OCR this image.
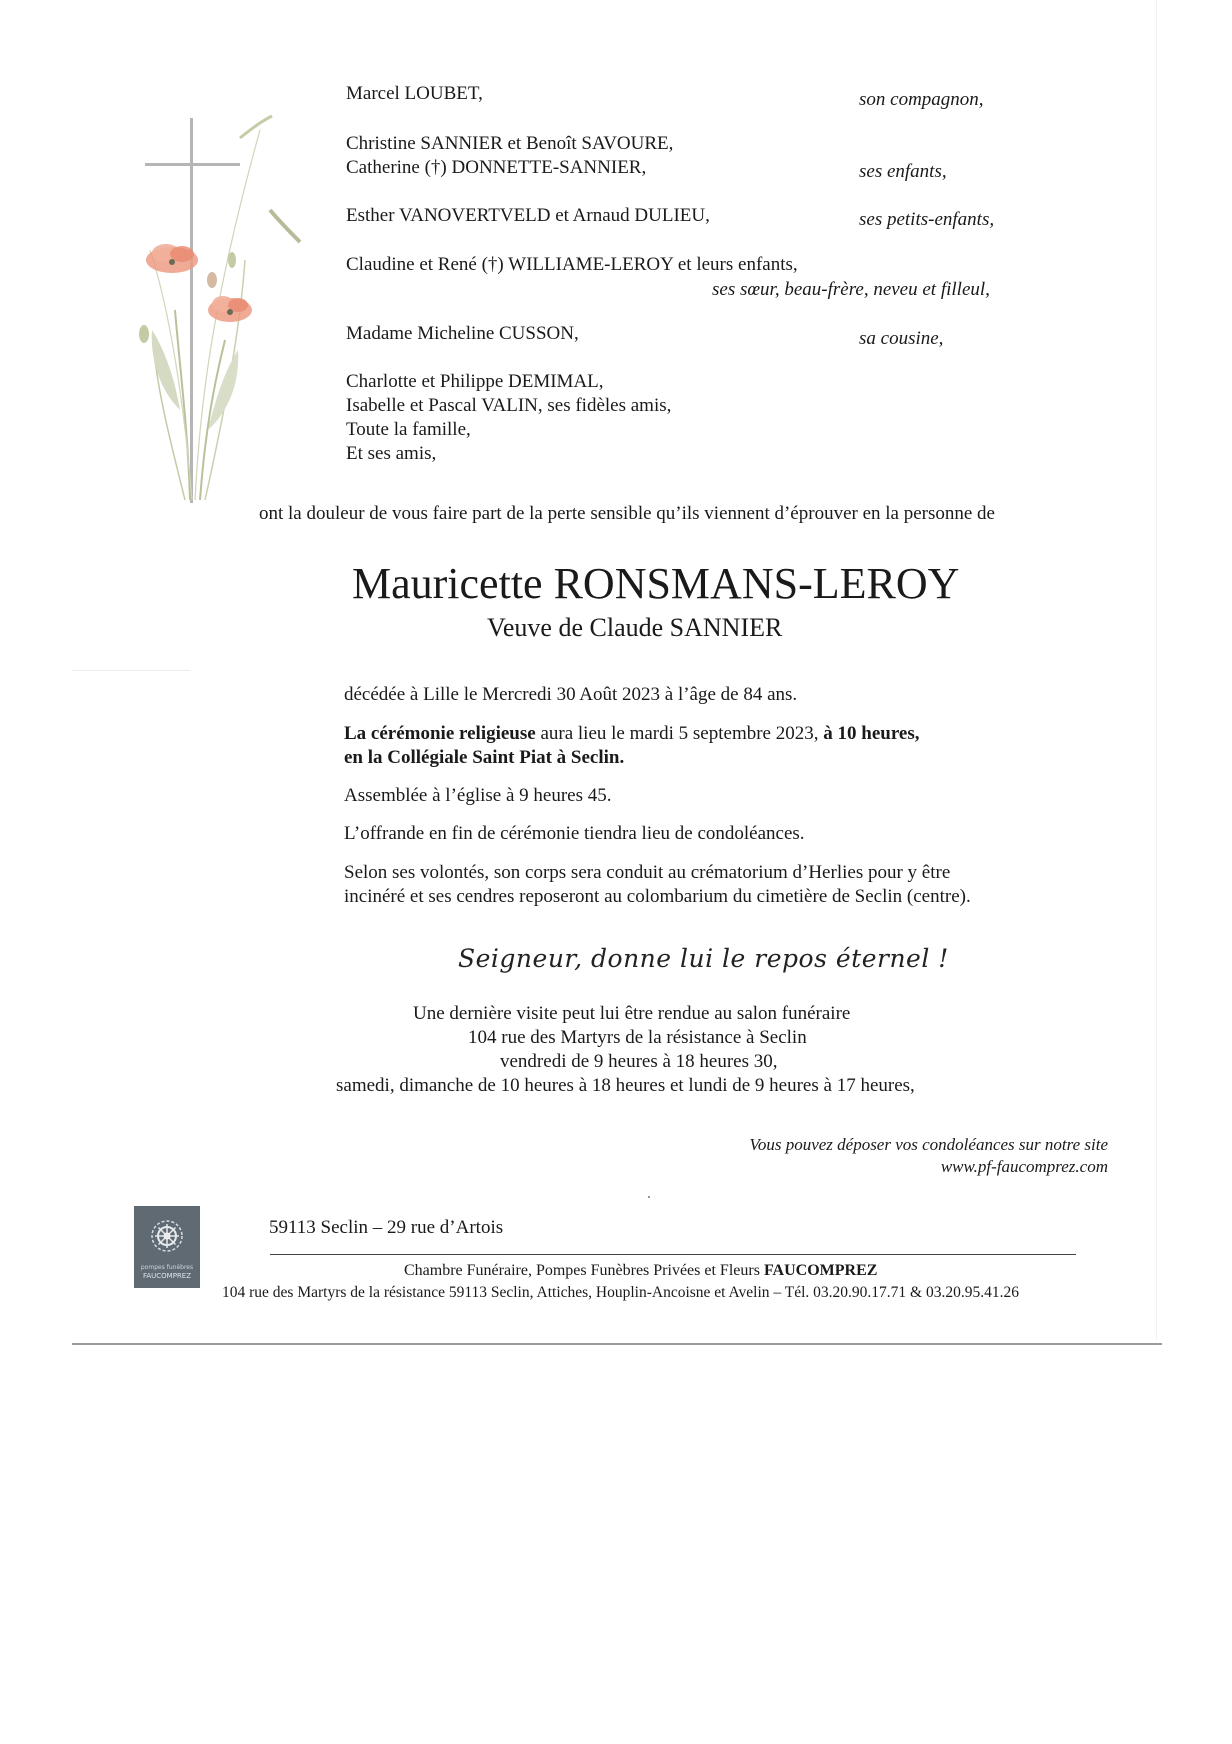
Marcel LOUBET,	son compagnon,
Christine SANNIER et Benoît SAVOURE,
Catherine (†) DONNETTE-SANNIER,	ses enfants,
Esther VANOVERTVELD et Arnaud DULIEU,	ses petits-enfants,
Claudine et René (†) WILLIAME-LEROY et leurs enfants,
ses sœur, beau-frère, neveu et filleul,
Madame Micheline CUSSON,	sa cousine,
Charlotte et Philippe DEMIMAL,
Isabelle et Pascal VALIN, ses fidèles amis,
Toute la famille,
Et ses amis,
ont la douleur de vous faire part de la perte sensible qu’ils viennent d’éprouver en la personne de
Mauricette RONSMANS-LEROY
Veuve de Claude SANNIER
décédée à Lille le Mercredi 30 Août 2023 à l’âge de 84 ans.
La cérémonie religieuse aura lieu le mardi 5 septembre 2023, à 10 heures,
en la Collégiale Saint Piat à Seclin.
Assemblée à l’église à 9 heures 45.
L’offrande en fin de cérémonie tiendra lieu de condoléances.
Selon ses volontés, son corps sera conduit au crématorium d’Herlies pour y être
incinéré et ses cendres reposeront au colombarium du cimetière de Seclin (centre).
Seigneur, donne lui le repos éternel !
Une dernière visite peut lui être rendue au salon funéraire
104 rue des Martyrs de la résistance à Seclin
vendredi de 9 heures à 18 heures 30,
samedi, dimanche de 10 heures à 18 heures et lundi de 9 heures à 17 heures,
Vous pouvez déposer vos condoléances sur notre site
www.pf-faucomprez.com
pompes funèbres
FAUCOMPREZ
59113 Seclin – 29 rue d’Artois
Chambre Funéraire, Pompes Funèbres Privées et Fleurs FAUCOMPREZ
104 rue des Martyrs de la résistance 59113 Seclin, Attiches, Houplin-Ancoisne et Avelin – Tél. 03.20.90.17.71 & 03.20.95.41.26
